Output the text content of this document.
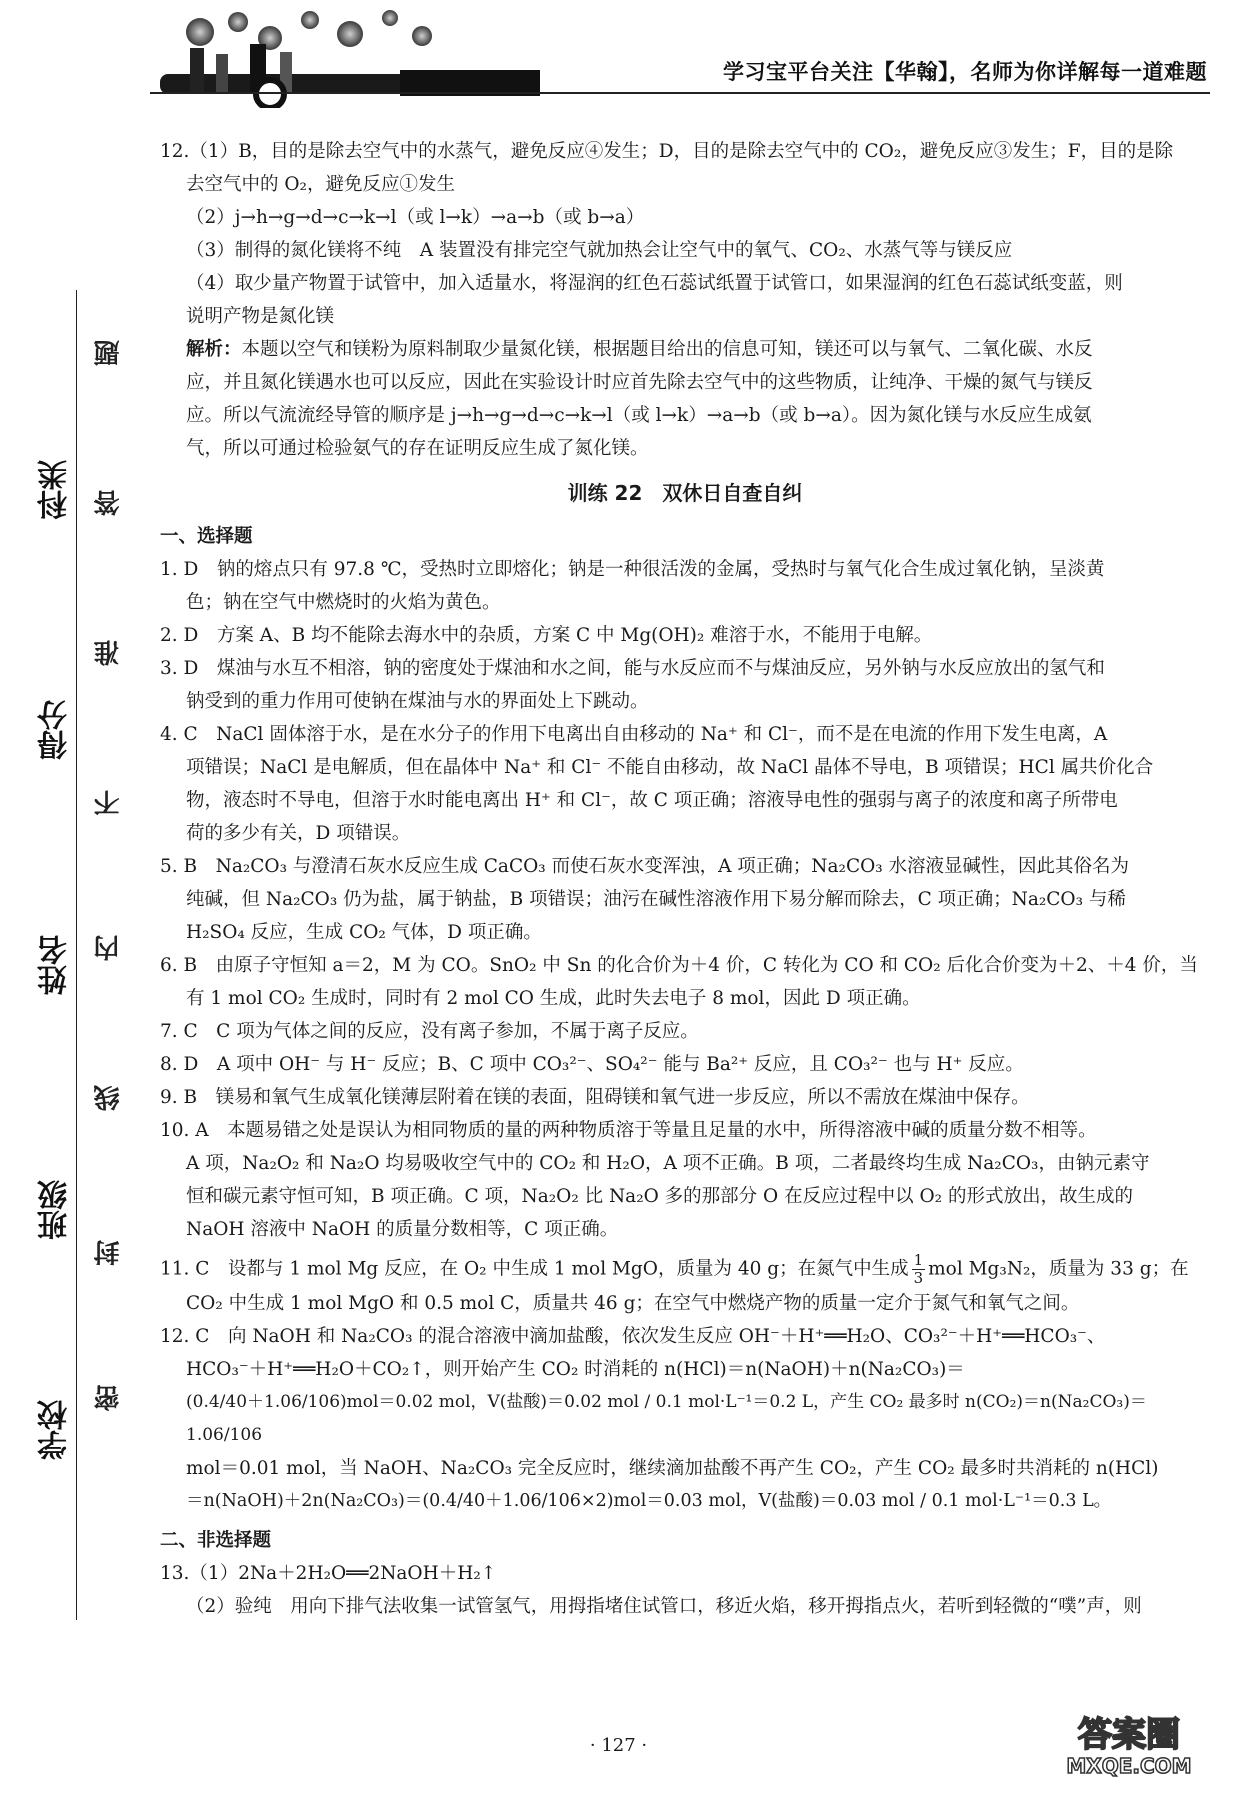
学习宝平台关注【华翰】，名师为你详解每一道难题
学校
班级
姓名
得分
科类
密
封
线
内
不
准
答
题

12.（1）B，目的是除去空气中的水蒸气，避免反应④发生；D，目的是除去空气中的 CO₂，避免反应③发生；F，目的是除

去空气中的 O₂，避免反应①发生

（2）j→h→g→d→c→k→l（或 l→k）→a→b（或 b→a）

（3）制得的氮化镁将不纯　A 装置没有排完空气就加热会让空气中的氧气、CO₂、水蒸气等与镁反应

（4）取少量产物置于试管中，加入适量水，将湿润的红色石蕊试纸置于试管口，如果湿润的红色石蕊试纸变蓝，则

说明产物是氮化镁

解析：本题以空气和镁粉为原料制取少量氮化镁，根据题目给出的信息可知，镁还可以与氧气、二氧化碳、水反

应，并且氮化镁遇水也可以反应，因此在实验设计时应首先除去空气中的这些物质，让纯净、干燥的氮气与镁反

应。所以气流流经导管的顺序是 j→h→g→d→c→k→l（或 l→k）→a→b（或 b→a）。因为氮化镁与水反应生成氨

气，所以可通过检验氨气的存在证明反应生成了氮化镁。

训练 22　双休日自查自纠
一、选择题

1. D　钠的熔点只有 97.8 ℃，受热时立即熔化；钠是一种很活泼的金属，受热时与氧气化合生成过氧化钠，呈淡黄

色；钠在空气中燃烧时的火焰为黄色。

2. D　方案 A、B 均不能除去海水中的杂质，方案 C 中 Mg(OH)₂ 难溶于水，不能用于电解。

3. D　煤油与水互不相溶，钠的密度处于煤油和水之间，能与水反应而不与煤油反应，另外钠与水反应放出的氢气和

钠受到的重力作用可使钠在煤油与水的界面处上下跳动。

4. C　NaCl 固体溶于水，是在水分子的作用下电离出自由移动的 Na⁺ 和 Cl⁻，而不是在电流的作用下发生电离，A

项错误；NaCl 是电解质，但在晶体中 Na⁺ 和 Cl⁻ 不能自由移动，故 NaCl 晶体不导电，B 项错误；HCl 属共价化合

物，液态时不导电，但溶于水时能电离出 H⁺ 和 Cl⁻，故 C 项正确；溶液导电性的强弱与离子的浓度和离子所带电

荷的多少有关，D 项错误。

5. B　Na₂CO₃ 与澄清石灰水反应生成 CaCO₃ 而使石灰水变浑浊，A 项正确；Na₂CO₃ 水溶液显碱性，因此其俗名为

纯碱，但 Na₂CO₃ 仍为盐，属于钠盐，B 项错误；油污在碱性溶液作用下易分解而除去，C 项正确；Na₂CO₃ 与稀

H₂SO₄ 反应，生成 CO₂ 气体，D 项正确。

6. B　由原子守恒知 a＝2，M 为 CO。SnO₂ 中 Sn 的化合价为＋4 价，C 转化为 CO 和 CO₂ 后化合价变为＋2、＋4 价，当

有 1 mol CO₂ 生成时，同时有 2 mol CO 生成，此时失去电子 8 mol，因此 D 项正确。

7. C　C 项为气体之间的反应，没有离子参加，不属于离子反应。

8. D　A 项中 OH⁻ 与 H⁻ 反应；B、C 项中 CO₃²⁻、SO₄²⁻ 能与 Ba²⁺ 反应，且 CO₃²⁻ 也与 H⁺ 反应。

9. B　镁易和氧气生成氧化镁薄层附着在镁的表面，阻碍镁和氧气进一步反应，所以不需放在煤油中保存。

10. A　本题易错之处是误认为相同物质的量的两种物质溶于等量且足量的水中，所得溶液中碱的质量分数不相等。

A 项，Na₂O₂ 和 Na₂O 均易吸收空气中的 CO₂ 和 H₂O，A 项不正确。B 项，二者最终均生成 Na₂CO₃，由钠元素守

恒和碳元素守恒可知，B 项正确。C 项，Na₂O₂ 比 Na₂O 多的那部分 O 在反应过程中以 O₂ 的形式放出，故生成的

NaOH 溶液中 NaOH 的质量分数相等，C 项正确。

11. C　设都与 1 mol Mg 反应，在 O₂ 中生成 1 mol MgO，质量为 40 g；在氮气中生成 $\frac{1}{3}$ mol Mg₃N₂，质量为 33 g；在

CO₂ 中生成 1 mol MgO 和 0.5 mol C，质量共 46 g；在空气中燃烧产物的质量一定介于氮气和氧气之间。

12. C　向 NaOH 和 Na₂CO₃ 的混合溶液中滴加盐酸，依次发生反应 OH⁻＋H⁺══H₂O、CO₃²⁻＋H⁺══HCO₃⁻、

HCO₃⁻＋H⁺══H₂O＋CO₂↑，则开始产生 CO₂ 时消耗的 n(HCl)＝n(NaOH)＋n(Na₂CO₃)＝

(0.4/40＋1.06/106)mol＝0.02 mol，V(盐酸)＝0.02 mol / 0.1 mol·L⁻¹＝0.2 L，产生 CO₂ 最多时 n(CO₂)＝n(Na₂CO₃)＝1.06/106

mol＝0.01 mol，当 NaOH、Na₂CO₃ 完全反应时，继续滴加盐酸不再产生 CO₂，产生 CO₂ 最多时共消耗的 n(HCl)

＝n(NaOH)＋2n(Na₂CO₃)＝(0.4/40＋1.06/106×2)mol＝0.03 mol，V(盐酸)＝0.03 mol / 0.1 mol·L⁻¹＝0.3 L。

二、非选择题

13.（1）2Na＋2H₂O══2NaOH＋H₂↑

（2）验纯　用向下排气法收集一试管氢气，用拇指堵住试管口，移近火焰，移开拇指点火，若听到轻微的“噗”声，则

· 127 ·	答案圈
MXQE.COM
